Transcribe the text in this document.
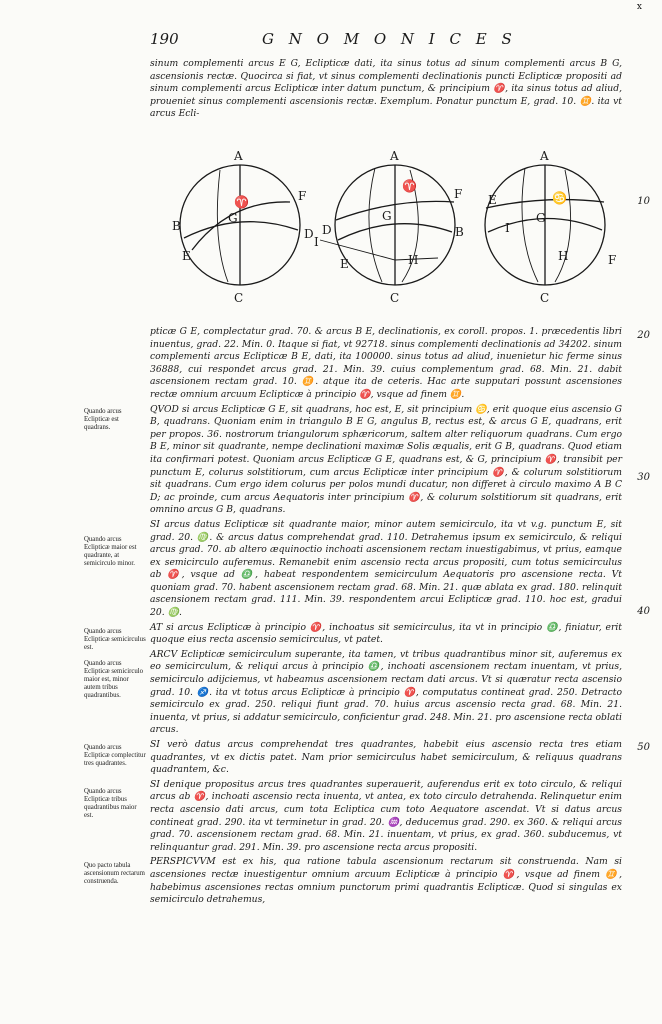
190	G N O M O N I C E S
x

sinum complementi arcus E G, Eclipticæ dati, ita sinus totus ad sinum complementi arcus B G, ascensionis rectæ. Quocirca si fiat, vt sinus complementi declinationis puncti Eclipticæ propositi ad sinum complementi arcus Eclipticæ inter datum punctum, & principium ♈, ita sinus totus ad aliud, proueniet sinus complementi ascensionis rectæ. Exemplum. Ponatur punctum E, grad. 10. ♊. ita vt arcus Ecli-

A
F
B
G
E
D
C
♈
A
F
G
B
D
I
E	H
C
♈
A
E
I
G
H	F
C
♋	10
20
30
40
50
Quando arcus Eclipticæ est quadrans.
Quando arcus Eclipticæ maior est quadrante, at semicirculo minor.
Quando arcus Eclipticæ semicirculus est.
Quando arcus Eclipticæ semicirculo maior est, minor autem tribus quadrantibus.
Quando arcus Eclipticæ complectitur tres quadrantes.
Quando arcus Eclipticæ tribus quadrantibus maior est.
Quo pacto tabula ascensionum rectarum construenda.

pticæ G E, complectatur grad. 70. & arcus B E, declinationis, ex coroll. propos. 1. præcedentis libri inuentus, grad. 22. Min. 0. Itaque si fiat, vt 92718. sinus complementi declinationis ad 34202. sinum complementi arcus Eclipticæ B E, dati, ita 100000. sinus totus ad aliud, inuenietur hic ferme sinus 36888, cui respondet arcus grad. 21. Min. 39. cuius complementum grad. 68. Min. 21. dabit ascensionem rectam grad. 10. ♊. atque ita de ceteris. Hac arte supputari possunt ascensiones rectæ omnium arcuum Eclipticæ à principio ♈, vsque ad finem ♊.

QVOD si arcus Eclipticæ G E, sit quadrans, hoc est, E, sit principium ♋, erit quoque eius ascensio G B, quadrans. Quoniam enim in triangulo B E G, angulus B, rectus est, & arcus G E, quadrans, erit per propos. 36. nostrorum triangulorum sphæricorum, saltem alter reliquorum quadrans. Cum ergo B E, minor sit quadrante, nempe declinationi maximæ Solis æqualis, erit G B, quadrans. Quod etiam ita confirmari potest. Quoniam arcus Eclipticæ G E, quadrans est, & G, principium ♈, transibit per punctum E, colurus solstitiorum, cum arcus Eclipticæ inter principium ♈, & colurum solstitiorum sit quadrans. Cum ergo idem colurus per polos mundi ducatur, non differet à circulo maximo A B C D; ac proinde, cum arcus Aequatoris inter principium ♈, & colurum solstitiorum sit quadrans, erit omnino arcus G B, quadrans.

SI arcus datus Eclipticæ sit quadrante maior, minor autem semicirculo, ita vt v.g. punctum E, sit grad. 20. ♍. & arcus datus comprehendat grad. 110. Detrahemus ipsum ex semicirculo, & reliqui arcus grad. 70. ab altero æquinoctio inchoati ascensionem rectam inuestigabimus, vt prius, eamque ex semicirculo auferemus. Remanebit enim ascensio recta arcus propositi, cum totus semicirculus ab ♈, vsque ad ♎, habeat respondentem semicirculum Aequatoris pro ascensione recta. Vt quoniam grad. 70. habent ascensionem rectam grad. 68. Min. 21. quæ ablata ex grad. 180. relinquit ascensionem rectam grad. 111. Min. 39. respondentem arcui Eclipticæ grad. 110. hoc est, gradui 20. ♍.

AT si arcus Eclipticæ à principio ♈, inchoatus sit semicirculus, ita vt in principio ♎, finiatur, erit quoque eius recta ascensio semicirculus, vt patet.

ARCV Eclipticæ semicirculum superante, ita tamen, vt tribus quadrantibus minor sit, auferemus ex eo semicirculum, & reliqui arcus à principio ♎, inchoati ascensionem rectam inuentam, vt prius, semicirculo adijciemus, vt habeamus ascensionem rectam dati arcus. Vt si quæratur recta ascensio grad. 10. ♐. ita vt totus arcus Eclipticæ à principio ♈, computatus contineat grad. 250. Detracto semicirculo ex grad. 250. reliqui fiunt grad. 70. huius arcus ascensio recta grad. 68. Min. 21. inuenta, vt prius, si addatur semicirculo, conficientur grad. 248. Min. 21. pro ascensione recta oblati arcus.

SI verò datus arcus comprehendat tres quadrantes, habebit eius ascensio recta tres etiam quadrantes, vt ex dictis patet. Nam prior semicirculus habet semicirculum, & reliquus quadrans quadrantem, &c.

SI denique propositus arcus tres quadrantes superauerit, auferendus erit ex toto circulo, & reliqui arcus ab ♈, inchoati ascensio recta inuenta, vt antea, ex toto circulo detrahenda. Relinquetur enim recta ascensio dati arcus, cum tota Ecliptica cum toto Aequatore ascendat. Vt si datus arcus contineat grad. 290. ita vt terminetur in grad. 20. ♒, deducemus grad. 290. ex 360. & reliqui arcus grad. 70. ascensionem rectam grad. 68. Min. 21. inuentam, vt prius, ex grad. 360. subducemus, vt relinquantur grad. 291. Min. 39. pro ascensione recta arcus propositi.

PERSPICVVM est ex his, qua ratione tabula ascensionum rectarum sit construenda. Nam si ascensiones rectæ inuestigentur omnium arcuum Eclipticæ à principio ♈, vsque ad finem ♊, habebimus ascensiones rectas omnium punctorum primi quadrantis Eclipticæ. Quod si singulas ex semicirculo detrahemus,
